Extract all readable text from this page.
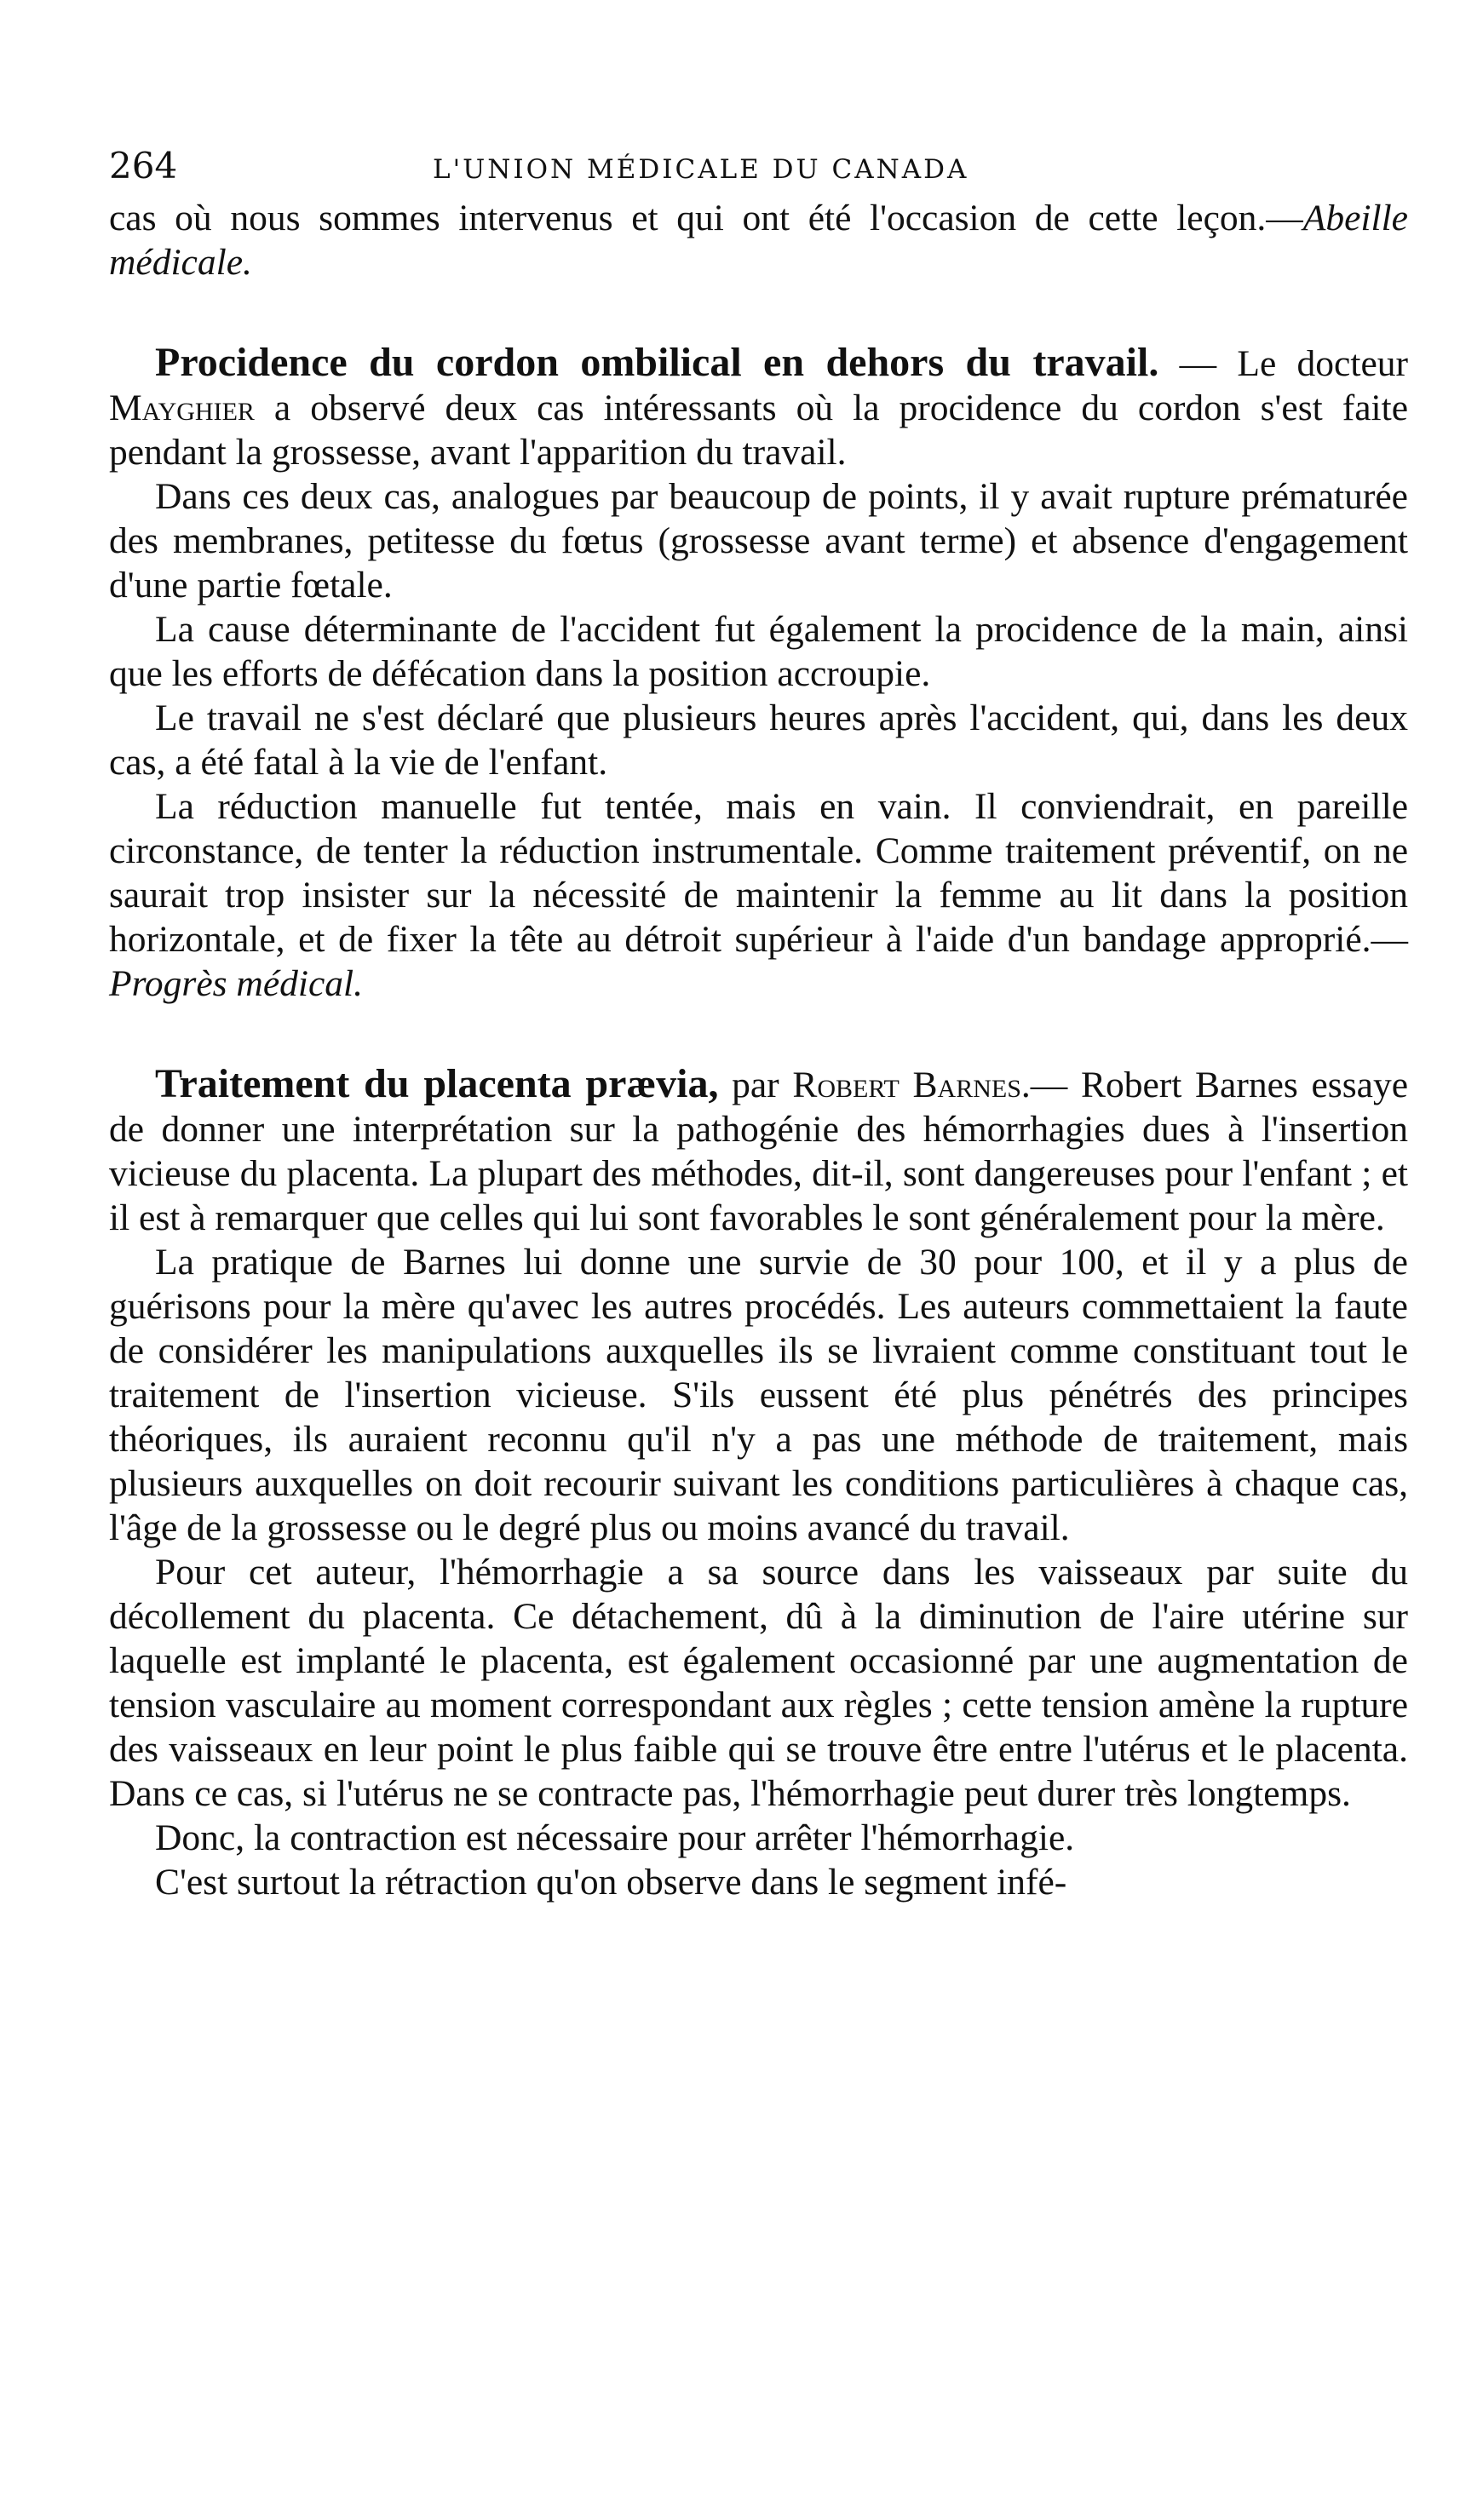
264	L'UNION MÉDICALE DU CANADA

cas où nous sommes intervenus et qui ont été l'occasion de cette leçon.—Abeille médicale.

Procidence du cordon ombilical en dehors du travail. — Le docteur Mayghier a observé deux cas intéressants où la procidence du cordon s'est faite pendant la grossesse, avant l'apparition du travail.

Dans ces deux cas, analogues par beaucoup de points, il y avait rupture prématurée des membranes, petitesse du fœtus (grossesse avant terme) et absence d'engagement d'une partie fœtale.

La cause déterminante de l'accident fut également la procidence de la main, ainsi que les efforts de défécation dans la position accroupie.

Le travail ne s'est déclaré que plusieurs heures après l'accident, qui, dans les deux cas, a été fatal à la vie de l'enfant.

La réduction manuelle fut tentée, mais en vain. Il conviendrait, en pareille circonstance, de tenter la réduction instrumentale. Comme traitement préventif, on ne saurait trop insister sur la nécessité de maintenir la femme au lit dans la position horizontale, et de fixer la tête au détroit supérieur à l'aide d'un bandage approprié.—Progrès médical.

Traitement du placenta prævia, par Robert Barnes.— Robert Barnes essaye de donner une interprétation sur la pathogénie des hémorrhagies dues à l'insertion vicieuse du placenta. La plupart des méthodes, dit-il, sont dangereuses pour l'enfant ; et il est à remarquer que celles qui lui sont favorables le sont généralement pour la mère.

La pratique de Barnes lui donne une survie de 30 pour 100, et il y a plus de guérisons pour la mère qu'avec les autres procédés. Les auteurs commettaient la faute de considérer les manipulations auxquelles ils se livraient comme constituant tout le traitement de l'insertion vicieuse. S'ils eussent été plus pénétrés des principes théoriques, ils auraient reconnu qu'il n'y a pas une méthode de traitement, mais plusieurs auxquelles on doit recourir suivant les conditions particulières à chaque cas, l'âge de la grossesse ou le degré plus ou moins avancé du travail.

Pour cet auteur, l'hémorrhagie a sa source dans les vaisseaux par suite du décollement du placenta. Ce détachement, dû à la diminution de l'aire utérine sur laquelle est implanté le placenta, est également occasionné par une augmentation de tension vasculaire au moment correspondant aux règles ; cette tension amène la rupture des vaisseaux en leur point le plus faible qui se trouve être entre l'utérus et le placenta. Dans ce cas, si l'utérus ne se contracte pas, l'hémorrhagie peut durer très longtemps.

Donc, la contraction est nécessaire pour arrêter l'hémorrhagie.

C'est surtout la rétraction qu'on observe dans le segment infé-
